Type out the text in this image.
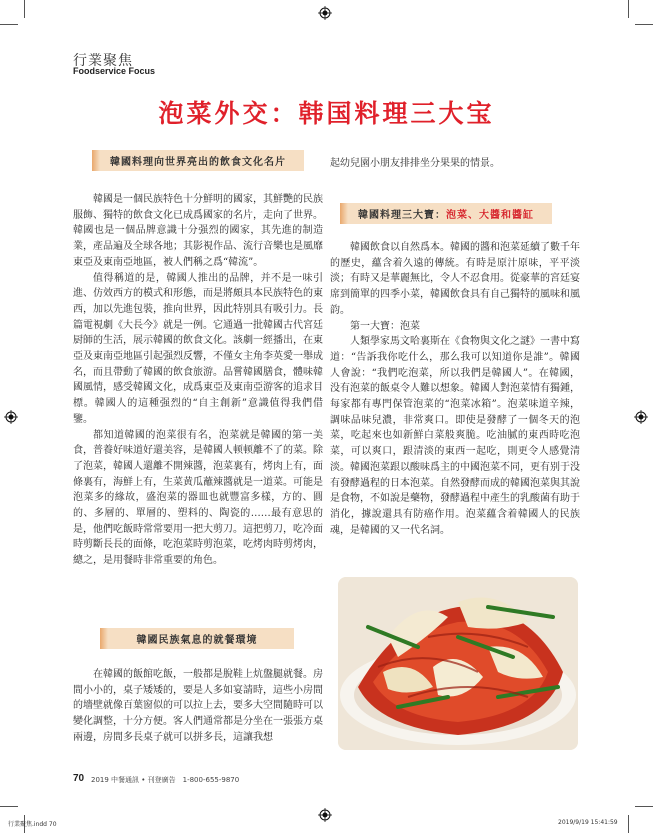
行業聚焦
Foodservice Focus
泡菜外交：韩国料理三大宝
韓國料理向世界亮出的飲食文化名片

韓國是一個民族特色十分鮮明的國家，其鮮艷的民族服飾、獨特的飲食文化已成爲國家的名片，走向了世界。韓國也是一個品牌意識十分强烈的國家，其先進的制造業，產品遍及全球各地；其影視作品、流行音樂也是風靡東亞及東南亞地區，被人們稱之爲“韓流”。

值得稱道的是，韓國人推出的品牌，并不是一味引進、仿效西方的模式和形態，而是將頗具本民族特色的東西，加以先進包裝，推向世界，因此特別具有吸引力。長篇電視劇《大長今》就是一例。它通過一批韓國古代宮廷厨師的生活，展示韓國的飲食文化。該劇一經播出，在東亞及東南亞地區引起强烈反響，不僅女主角李英愛一舉成名，而且帶動了韓國的飲食旅游。品嘗韓國膳食，體味韓國風情，感受韓國文化，成爲東亞及東南亞游客的追求目標。韓國人的這種强烈的“自主創新”意識值得我們借鑒。

都知道韓國的泡菜很有名，泡菜就是韓國的第一美食，普養好味道好還美容，是韓國人顿顿離不了的菜。除了泡菜，韓國人還離不開辣醬，泡菜裏有，烤肉上有，面條裏有，海鮮上有，生菜黄瓜蘸辣醬就是一道菜。可能是泡菜多的緣故，盛泡菜的器皿也就豐富多樣，方的、圓的、多層的、單層的、塑料的、陶瓷的……最有意思的是，他們吃飯時常常要用一把大剪刀。這把剪刀，吃冷面時剪斷長長的面條，吃泡菜時剪泡菜，吃烤肉時剪烤肉，總之，是用餐時非常重要的角色。

韓國民族氣息的就餐環境

在韓國的飯館吃飯，一般都是脫鞋上炕盤腿就餐。房間小小的，桌子矮矮的，要是人多如宴請時，這些小房間的墻壁就像百葉窗似的可以拉上去，要多大空間隨時可以變化調整，十分方便。客人們通常都是分坐在一張張方桌兩邊，房間多長桌子就可以拼多長，這讓我想

起幼兒園小朋友排排坐分果果的情景。

韓國料理三大寶： 泡菜、大醬和醬缸

韓國飲食以自然爲本。韓國的醬和泡菜延續了數千年的歷史，蘊含着久遠的傳統。有時是原汁原味，平平淡淡；有時又是華麗無比，令人不忍食用。從豪華的宮廷宴席到簡單的四季小菜，韓國飲食具有自己獨特的風味和風韵。

第一大寶：泡菜

人類學家馬文哈裏斯在《食物與文化之謎》一書中寫道：“告訴我你吃什么，那么我可以知道你是誰”。韓國人會說：“我們吃泡菜，所以我們是韓國人”。在韓國，没有泡菜的飯桌令人難以想象。韓國人對泡菜情有獨鍾，每家都有專門保管泡菜的“泡菜冰箱”。泡菜味道辛辣，調味品味兒濃，非常爽口。即使是發酵了一個冬天的泡菜，吃起來也如新鮮白菜般爽脆。吃油膩的東西時吃泡菜，可以爽口，跟清淡的東西一起吃，則更令人感覺清淡。韓國泡菜跟以酸味爲主的中國泡菜不同，更有别于没有發酵過程的日本泡菜。自然發酵而成的韓國泡菜與其說是食物，不如說是藥物，發酵過程中產生的乳酸菌有助于消化，據說還具有防癌作用。泡菜蘊含着韓國人的民族魂，是韓國的又一代名詞。

70 2019 中餐通訊 • 刊登廣告　1-800-655-9870
行業聚焦.indd 70	2019/9/19 15:41:59
